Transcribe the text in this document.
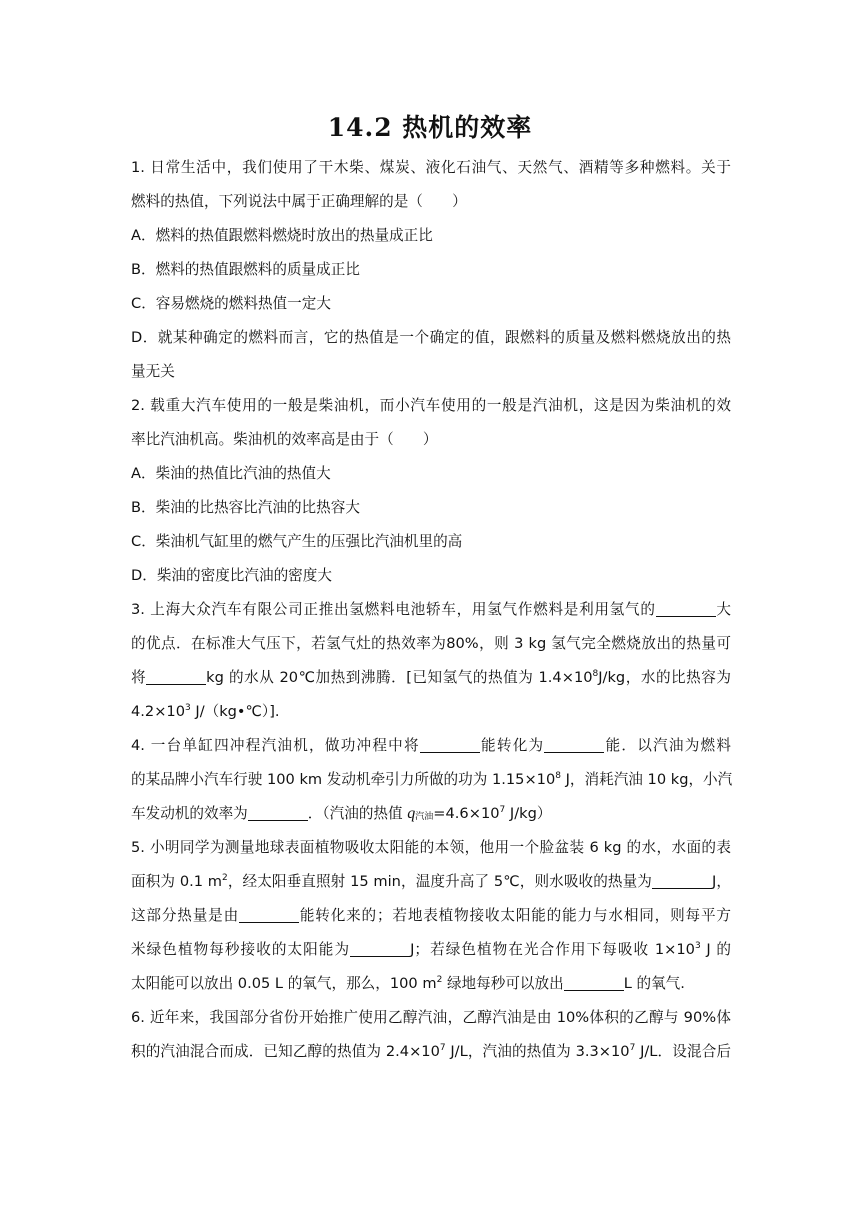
14.2 热机的效率
1. 日常生活中，我们使用了干木柴、煤炭、液化石油气、天然气、酒精等多种燃料。关于
燃料的热值，下列说法中属于正确理解的是（　　）
A．燃料的热值跟燃料燃烧时放出的热量成正比
B．燃料的热值跟燃料的质量成正比
C．容易燃烧的燃料热值一定大
D．就某种确定的燃料而言，它的热值是一个确定的值，跟燃料的质量及燃料燃烧放出的热
量无关
2. 载重大汽车使用的一般是柴油机，而小汽车使用的一般是汽油机，这是因为柴油机的效
率比汽油机高。柴油机的效率高是由于（　　）
A．柴油的热值比汽油的热值大
B．柴油的比热容比汽油的比热容大
C．柴油机气缸里的燃气产生的压强比汽油机里的高
D．柴油的密度比汽油的密度大
3. 上海大众汽车有限公司正推出氢燃料电池轿车，用氢气作燃料是利用氢气的	大
的优点．在标准大气压下，若氢气灶的热效率为80%，则 3 kg 氢气完全燃烧放出的热量可
将	kg 的水从 20℃加热到沸腾．[已知氢气的热值为 $1.4\times 10^8J/kg$，水的比热容为
$4.2\times 10^3$ J/（kg•℃）].
4. 一台单缸四冲程汽油机，做功冲程中将	能转化为	能．以汽油为燃料
的某品牌小汽车行驶 100 km 发动机牵引力所做的功为 $1.15\times 10^8$ J，消耗汽油 10 kg，小汽
车发动机的效率为	．（汽油的热值 q汽油$=4.6\times 10^7$ J/kg）
5. 小明同学为测量地球表面植物吸收太阳能的本领，他用一个脸盆装 6 kg 的水，水面的表
面积为 0.1 $m^2$，经太阳垂直照射 15 min，温度升高了 5℃，则水吸收的热量为	J，
这部分热量是由	能转化来的；若地表植物接收太阳能的能力与水相同，则每平方
米绿色植物每秒接收的太阳能为	J；若绿色植物在光合作用下每吸收 $1\times 10^3$ J 的
太阳能可以放出 0.05 L 的氧气，那么，100 $m^2$ 绿地每秒可以放出	L 的氧气.
6. 近年来，我国部分省份开始推广使用乙醇汽油，乙醇汽油是由 10%体积的乙醇与 90%体
积的汽油混合而成．已知乙醇的热值为 $2.4\times 10^7$ J/L，汽油的热值为 $3.3\times 10^7$ J/L．设混合后
